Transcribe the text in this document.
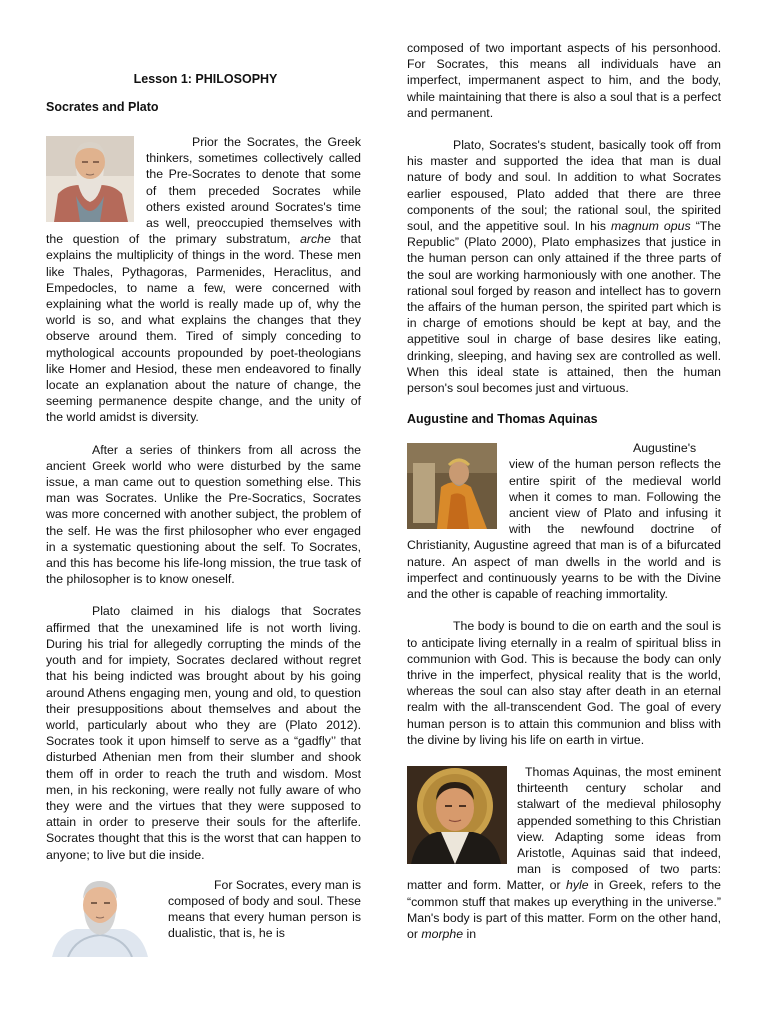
Lesson 1: PHILOSOPHY
Socrates and Plato

Prior the Socrates, the Greek thinkers, sometimes collectively called the Pre-Socrates to denote that some of them preceded Socrates while others existed around Socrates's time as well, preoccupied themselves with the question of the primary substratum, arche that explains the multiplicity of things in the word. These men like Thales, Pythagoras, Parmenides, Heraclitus, and Empedocles, to name a few, were concerned with explaining what the world is really made up of, why the world is so, and what explains the changes that they observe around them. Tired of simply conceding to mythological accounts propounded by poet-theologians like Homer and Hesiod, these men endeavored to finally locate an explanation about the nature of change, the seeming permanence despite change, and the unity of the world amidst is diversity.

After a series of thinkers from all across the ancient Greek world who were disturbed by the same issue, a man came out to question something else. This man was Socrates. Unlike the Pre-Socratics, Socrates was more concerned with another subject, the problem of the self. He was the first philosopher who ever engaged in a systematic questioning about the self. To Socrates, and this has become his life-long mission, the true task of the philosopher is to know oneself.

Plato claimed in his dialogs that Socrates affirmed that the unexamined life is not worth living. During his trial for allegedly corrupting the minds of the youth and for impiety, Socrates declared without regret that his being indicted was brought about by his going around Athens engaging men, young and old, to question their presuppositions about themselves and about the world, particularly about who they are (Plato 2012). Socrates took it upon himself to serve as a “gadfly’’ that disturbed Athenian men from their slumber and shook them off in order to reach the truth and wisdom. Most men, in his reckoning, were really not fully aware of who they were and the virtues that they were supposed to attain in order to preserve their souls for the afterlife. Socrates thought that this is the worst that can happen to anyone; to live but die inside.

For Socrates, every man is composed of body and soul. These means that every human person is dualistic, that is, he is

composed of two important aspects of his personhood. For Socrates, this means all individuals have an imperfect, impermanent aspect to him, and the body, while maintaining that there is also a soul that is a perfect and permanent.

Plato, Socrates's student, basically took off from his master and supported the idea that man is dual nature of body and soul. In addition to what Socrates earlier espoused, Plato added that there are three components of the soul; the rational soul, the spirited soul, and the appetitive soul. In his magnum opus “The Republic” (Plato 2000), Plato emphasizes that justice in the human person can only attained if the three parts of the soul are working harmoniously with one another. The rational soul forged by reason and intellect has to govern the affairs of the human person, the spirited part which is in charge of emotions should be kept at bay, and the appetitive soul in charge of base desires like eating, drinking, sleeping, and having sex are controlled as well. When this ideal state is attained, then the human person's soul becomes just and virtuous.

Augustine and Thomas Aquinas

Augustine's view of the human person reflects the entire spirit of the medieval world when it comes to man. Following the ancient view of Plato and infusing it with the newfound doctrine of Christianity, Augustine agreed that man is of a bifurcated nature. An aspect of man dwells in the world and is imperfect and continuously yearns to be with the Divine and the other is capable of reaching immortality.

The body is bound to die on earth and the soul is to anticipate living eternally in a realm of spiritual bliss in communion with God. This is because the body can only thrive in the imperfect, physical reality that is the world, whereas the soul can also stay after death in an eternal realm with the all-transcendent God. The goal of every human person is to attain this communion and bliss with the divine by living his life on earth in virtue.

Thomas Aquinas, the most eminent thirteenth century scholar and stalwart of the medieval philosophy appended something to this Christian view. Adapting some ideas from Aristotle, Aquinas said that indeed, man is composed of two parts: matter and form. Matter, or hyle in Greek, refers to the “common stuff that makes up everything in the universe.” Man's body is part of this matter. Form on the other hand, or morphe in
